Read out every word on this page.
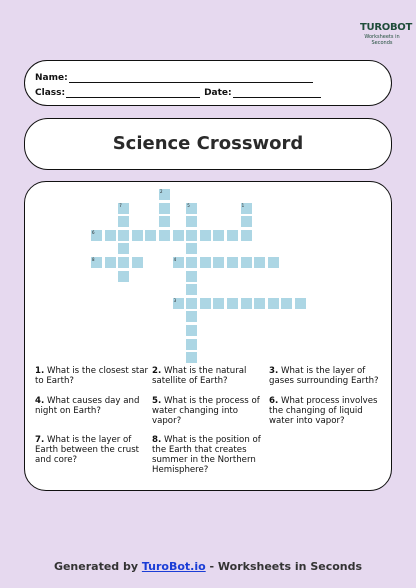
TUROBOT
Worksheets in Seconds
Name:
Class:	Date:
Science Crossword
2
7	5	1
6
8	4
3
1. What is the closest star to Earth?
2. What is the natural satellite of Earth?
3. What is the layer of gases surrounding Earth?
4. What causes day and night on Earth?
5. What is the process of water changing into vapor?
6. What process involves the changing of liquid water into vapor?
7. What is the layer of Earth between the crust and core?
8. What is the position of the Earth that creates summer in the Northern Hemisphere?
Generated by TuroBot.io - Worksheets in Seconds
